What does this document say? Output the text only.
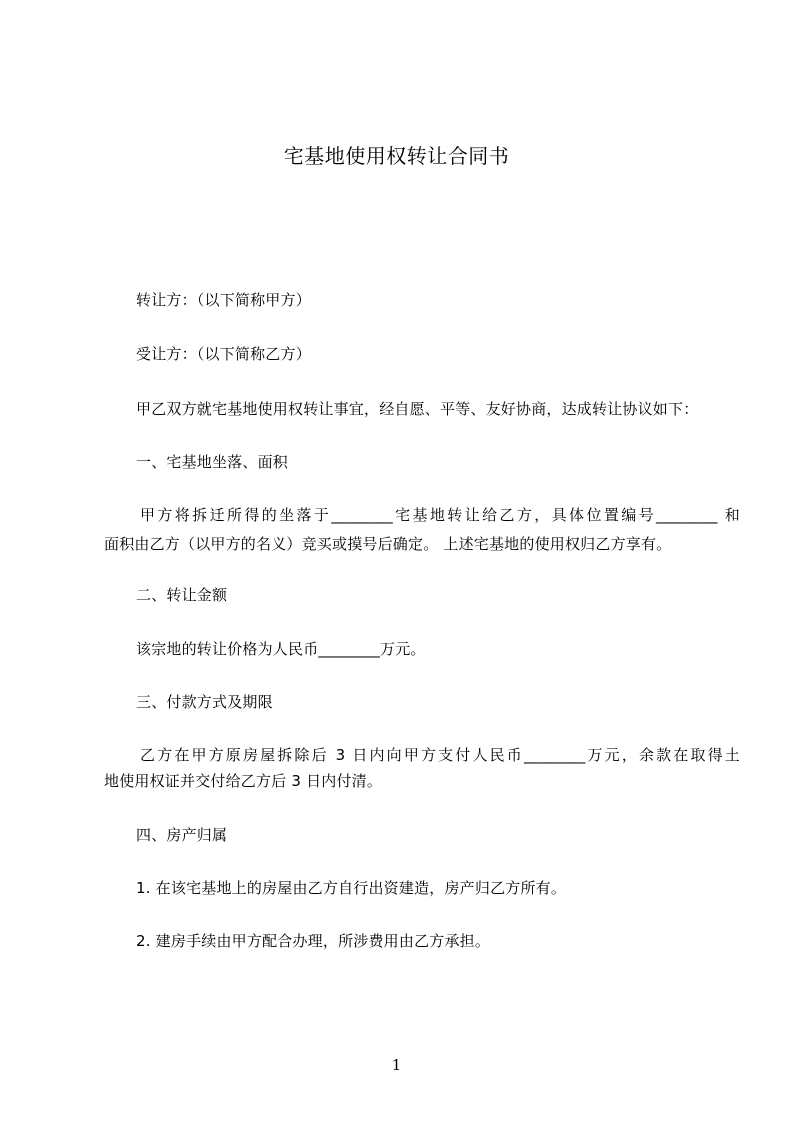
宅基地使用权转让合同书
转让方：（以下简称甲方）
受让方：（以下简称乙方）
甲乙双方就宅基地使用权转让事宜，经自愿、平等、友好协商，达成转让协议如下：
一、宅基地坐落、面积
甲方将拆迁所得的坐落于________宅基地转让给乙方，具体位置编号________ 和
面积由乙方（以甲方的名义）竞买或摸号后确定。 上述宅基地的使用权归乙方享有。
二、转让金额
该宗地的转让价格为人民币________万元。
三、付款方式及期限
乙方在甲方原房屋拆除后 3 日内向甲方支付人民币________万元，余款在取得土
地使用权证并交付给乙方后 3 日内付清。
四、房产归属
1. 在该宅基地上的房屋由乙方自行出资建造，房产归乙方所有。
2. 建房手续由甲方配合办理，所涉费用由乙方承担。
1
